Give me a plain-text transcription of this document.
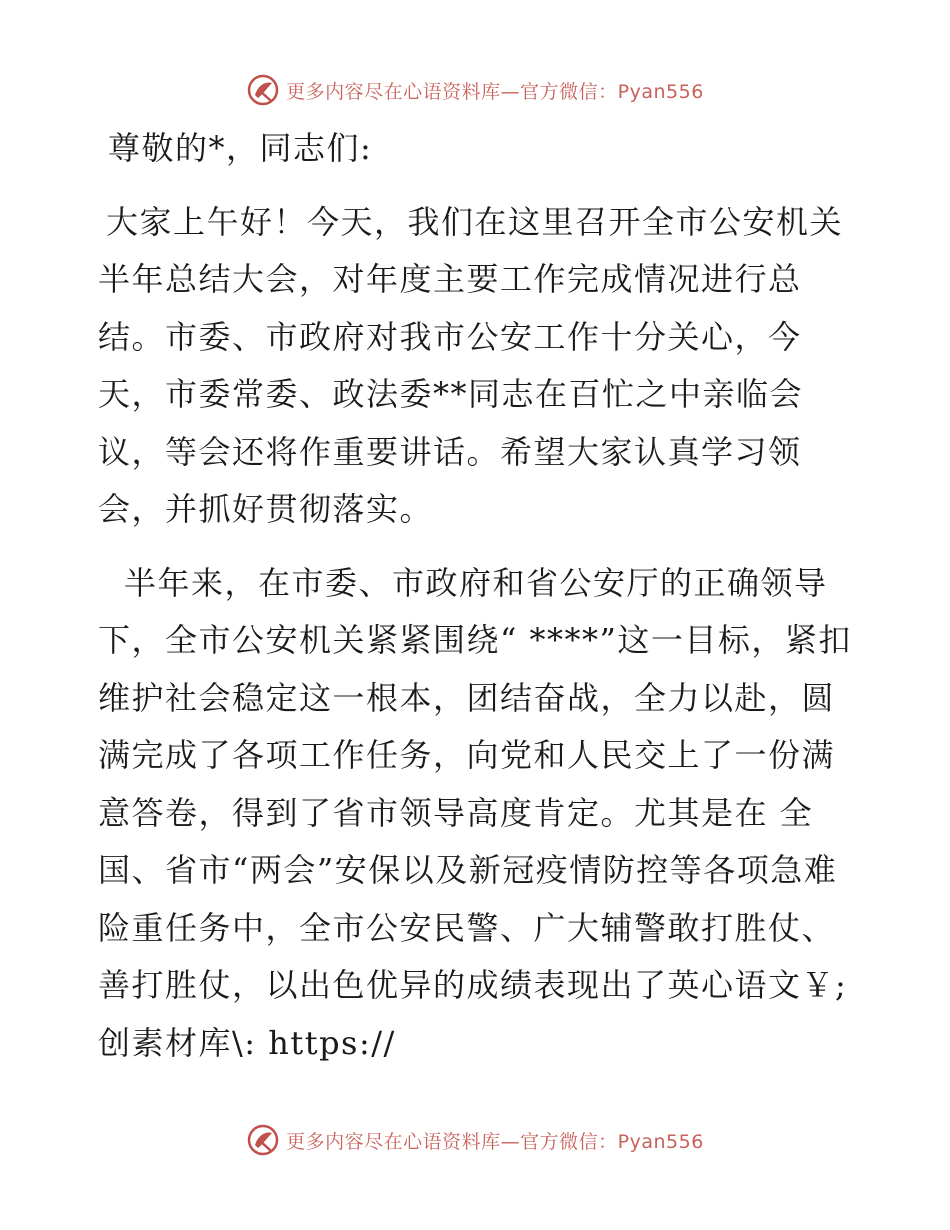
更多内容尽在心语资料库—官方微信：Pyan556

尊敬的*，同志们:

大家上午好！今天，我们在这里召开全市公安机关半年总结大会，对年度主要工作完成情况进行总结。市委、市政府对我市公安工作十分关心，今天，市委常委、政法委**同志在百忙之中亲临会议，等会还将作重要讲话。希望大家认真学习领会，并抓好贯彻落实。

半年来，在市委、市政府和省公安厅的正确领导下，全市公安机关紧紧围绕“ ****”这一目标，紧扣维护社会稳定这一根本，团结奋战，全力以赴，圆满完成了各项工作任务，向党和人民交上了一份满意答卷，得到了省市领导高度肯定。尤其是在 全国、省市“两会”安保以及新冠疫情防控等各项急难险重任务中，全市公安民警、广大辅警敢打胜仗、善打胜仗，以出色优异的成绩表现出了英心语文￥;创素材库\: https://

更多内容尽在心语资料库—官方微信：Pyan556
